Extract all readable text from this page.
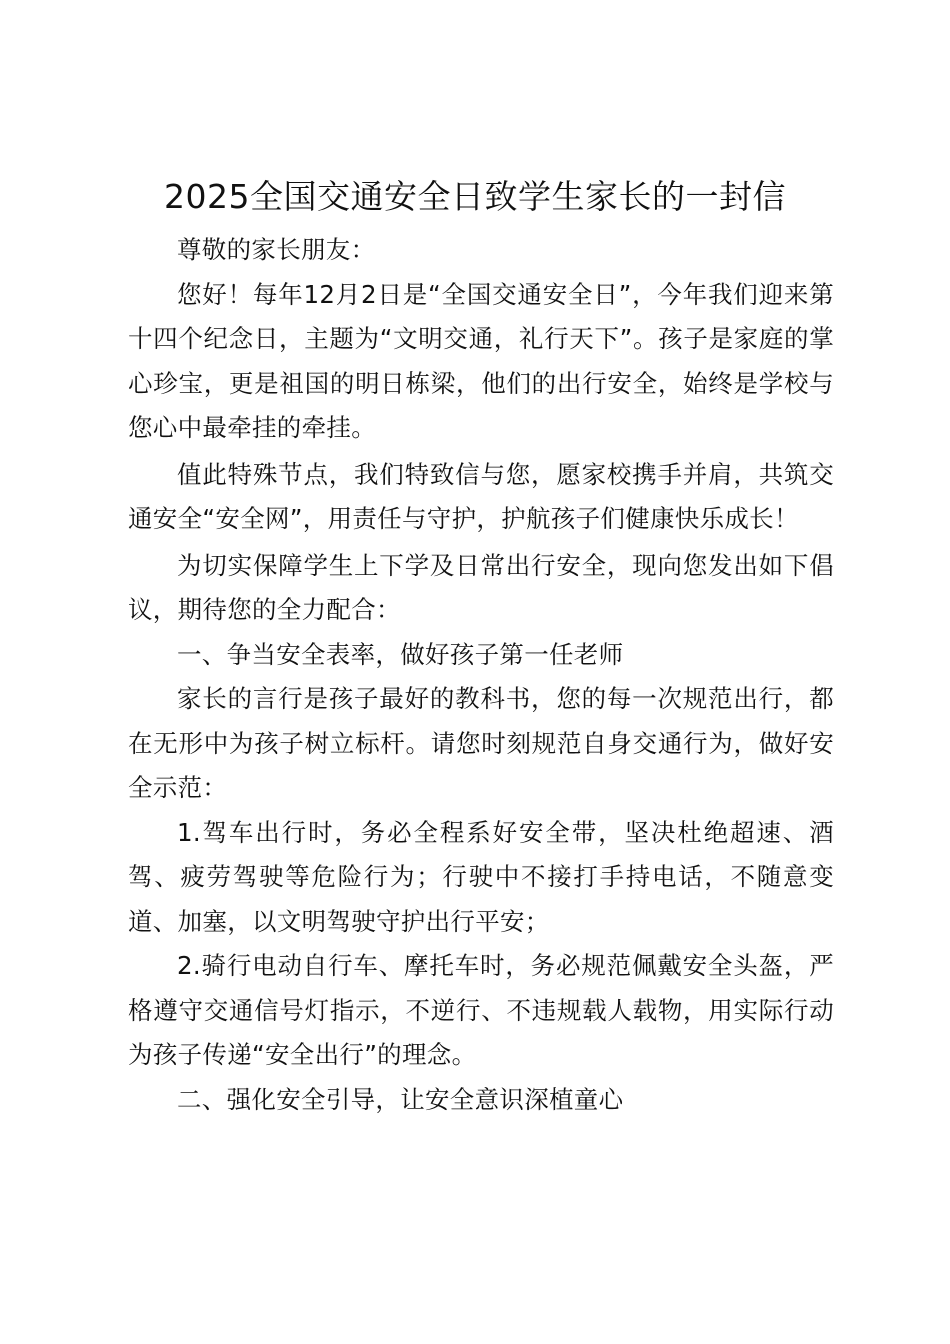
2025全国交通安全日致学生家长的一封信

尊敬的家长朋友：

您好！每年12月2日是“全国交通安全日”，今年我们迎来第十四个纪念日，主题为“文明交通，礼行天下”。孩子是家庭的掌心珍宝，更是祖国的明日栋梁，他们的出行安全，始终是学校与您心中最牵挂的牵挂。

值此特殊节点，我们特致信与您，愿家校携手并肩，共筑交通安全“安全网”，用责任与守护，护航孩子们健康快乐成长！

为切实保障学生上下学及日常出行安全，现向您发出如下倡议，期待您的全力配合：

一、争当安全表率，做好孩子第一任老师

家长的言行是孩子最好的教科书，您的每一次规范出行，都在无形中为孩子树立标杆。请您时刻规范自身交通行为，做好安全示范：

1.驾车出行时，务必全程系好安全带，坚决杜绝超速、酒驾、疲劳驾驶等危险行为；行驶中不接打手持电话，不随意变道、加塞，以文明驾驶守护出行平安；

2.骑行电动自行车、摩托车时，务必规范佩戴安全头盔，严格遵守交通信号灯指示，不逆行、不违规载人载物，用实际行动为孩子传递“安全出行”的理念。

二、强化安全引导，让安全意识深植童心
